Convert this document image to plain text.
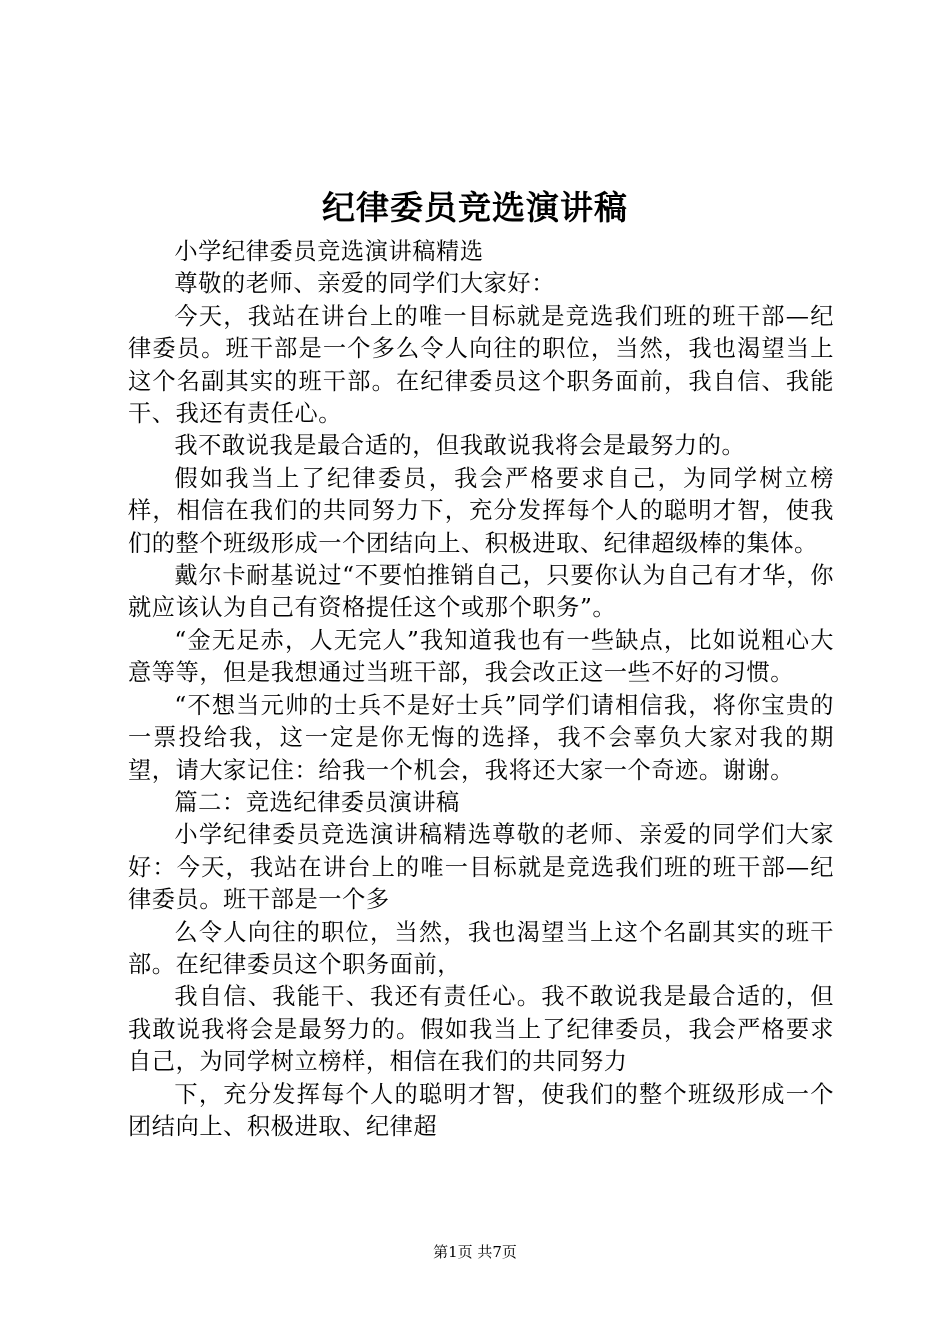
纪律委员竞选演讲稿

小学纪律委员竞选演讲稿精选

尊敬的老师、亲爱的同学们大家好：

今天，我站在讲台上的唯一目标就是竞选我们班的班干部—纪律委员。班干部是一个多么令人向往的职位，当然，我也渴望当上这个名副其实的班干部。在纪律委员这个职务面前，我自信、我能干、我还有责任心。

我不敢说我是最合适的，但我敢说我将会是最努力的。

假如我当上了纪律委员，我会严格要求自己，为同学树立榜样，相信在我们的共同努力下，充分发挥每个人的聪明才智，使我们的整个班级形成一个团结向上、积极进取、纪律超级棒的集体。

戴尔卡耐基说过“不要怕推销自己，只要你认为自己有才华，你就应该认为自己有资格提任这个或那个职务”。

“金无足赤，人无完人”我知道我也有一些缺点，比如说粗心大意等等，但是我想通过当班干部，我会改正这一些不好的习惯。

“不想当元帅的士兵不是好士兵”同学们请相信我，将你宝贵的一票投给我，这一定是你无悔的选择，我不会辜负大家对我的期望，请大家记住：给我一个机会，我将还大家一个奇迹。谢谢。

篇二：竞选纪律委员演讲稿

小学纪律委员竞选演讲稿精选尊敬的老师、亲爱的同学们大家好：今天，我站在讲台上的唯一目标就是竞选我们班的班干部—纪律委员。班干部是一个多

么令人向往的职位，当然，我也渴望当上这个名副其实的班干部。在纪律委员这个职务面前，

我自信、我能干、我还有责任心。我不敢说我是最合适的，但我敢说我将会是最努力的。假如我当上了纪律委员，我会严格要求自己，为同学树立榜样，相信在我们的共同努力

下，充分发挥每个人的聪明才智，使我们的整个班级形成一个团结向上、积极进取、纪律超

第1页 共7页
